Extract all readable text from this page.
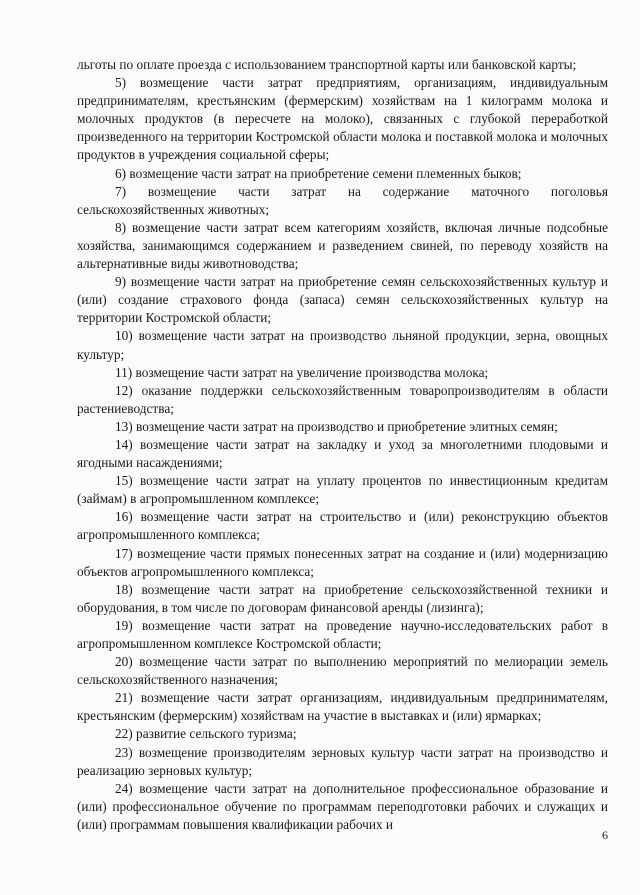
льготы по оплате проезда с использованием транспортной карты или банковской карты;

5) возмещение части затрат предприятиям, организациям, индивидуальным предпринимателям, крестьянским (фермерским) хозяйствам на 1 килограмм молока и молочных продуктов (в пересчете на молоко), связанных с глубокой переработкой произведенного на территории Костромской области молока и поставкой молока и молочных продуктов в учреждения социальной сферы;

6) возмещение части затрат на приобретение семени племенных быков;

7) возмещение части затрат на содержание маточного поголовья сельскохозяйственных животных;

8) возмещение части затрат всем категориям хозяйств, включая личные подсобные хозяйства, занимающимся содержанием и разведением свиней, по переводу хозяйств на альтернативные виды животноводства;

9) возмещение части затрат на приобретение семян сельскохозяйственных культур и (или) создание страхового фонда (запаса) семян сельскохозяйственных культур на территории Костромской области;

10) возмещение части затрат на производство льняной продукции, зерна, овощных культур;

11) возмещение части затрат на увеличение производства молока;

12) оказание поддержки сельскохозяйственным товаропроизводителям в области растениеводства;

13) возмещение части затрат на производство и приобретение элитных семян;

14) возмещение части затрат на закладку и уход за многолетними плодовыми и ягодными насаждениями;

15) возмещение части затрат на уплату процентов по инвестиционным кредитам (займам) в агропромышленном комплексе;

16) возмещение части затрат на строительство и (или) реконструкцию объектов агропромышленного комплекса;

17) возмещение части прямых понесенных затрат на создание и (или) модернизацию объектов агропромышленного комплекса;

18) возмещение части затрат на приобретение сельскохозяйственной техники и оборудования, в том числе по договорам финансовой аренды (лизинга);

19) возмещение части затрат на проведение научно-исследовательских работ в агропромышленном комплексе Костромской области;

20) возмещение части затрат по выполнению мероприятий по мелиорации земель сельскохозяйственного назначения;

21) возмещение части затрат организациям, индивидуальным предпринимателям, крестьянским (фермерским) хозяйствам на участие в выставках и (или) ярмарках;

22) развитие сельского туризма;

23) возмещение производителям зерновых культур части затрат на производство и реализацию зерновых культур;

24) возмещение части затрат на дополнительное профессиональное образование и (или) профессиональное обучение по программам переподготовки рабочих и служащих и (или) программам повышения квалификации рабочих и

6
